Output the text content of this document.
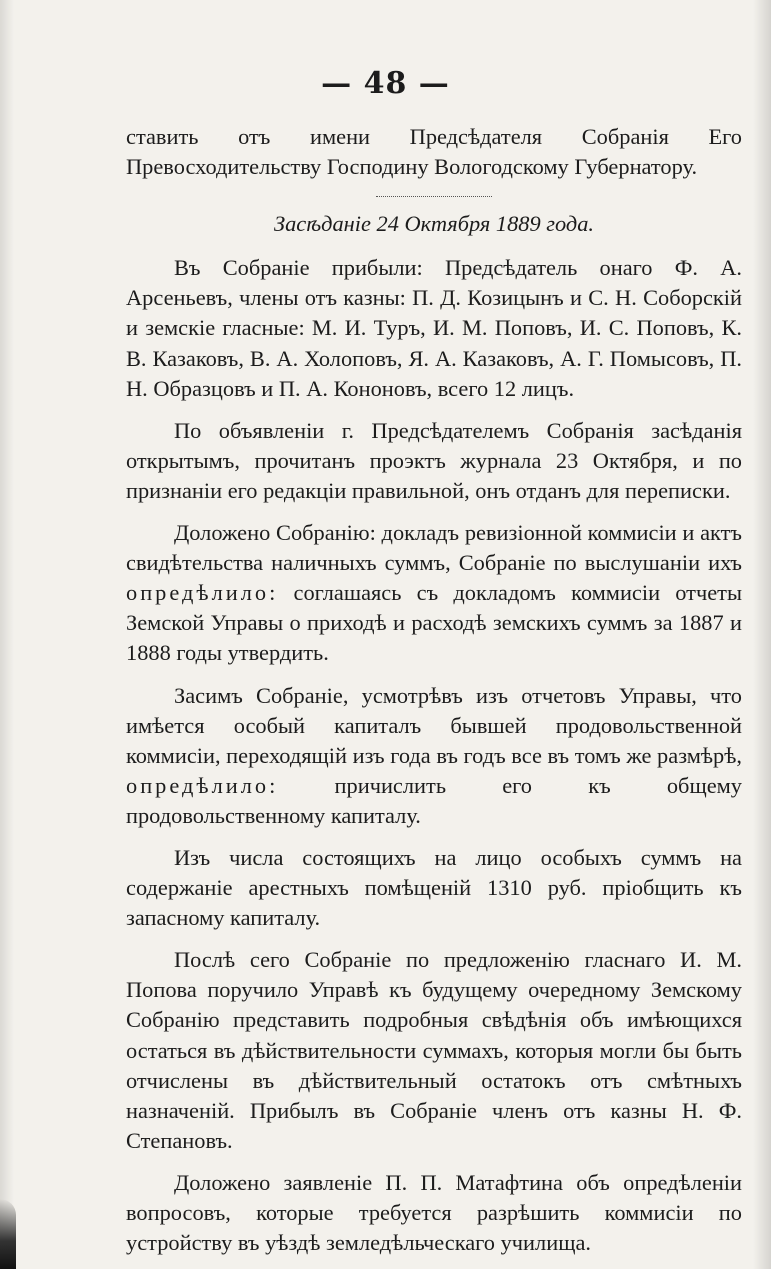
— 48 —

ставить отъ имени Предсѣдателя Собранія Его Превосходительству Господину Вологодскому Губернатору.

Засѣданіе 24 Октября 1889 года.

Въ Собраніе прибыли: Предсѣдатель онаго Ф. А. Арсеньевъ, члены отъ казны: П. Д. Козицынъ и С. Н. Соборскій и земскіе гласные: М. И. Туръ, И. М. Поповъ, И. С. Поповъ, К. В. Казаковъ, В. А. Холоповъ, Я. А. Казаковъ, А. Г. Помысовъ, П. Н. Образцовъ и П. А. Кононовъ, всего 12 лицъ.

По объявленіи г. Предсѣдателемъ Собранія засѣданія открытымъ, прочитанъ проэктъ журнала 23 Октября, и по признаніи его редакціи правильной, онъ отданъ для переписки.

Доложено Собранію: докладъ ревизіонной коммисіи и актъ свидѣтельства наличныхъ суммъ, Собраніе по выслушаніи ихъ опредѣлило: соглашаясь съ докладомъ коммисіи отчеты Земской Управы о приходѣ и расходѣ земскихъ суммъ за 1887 и 1888 годы утвердить.

Засимъ Собраніе, усмотрѣвъ изъ отчетовъ Управы, что имѣется особый капиталъ бывшей продовольственной коммисіи, переходящій изъ года въ годъ все въ томъ же размѣрѣ, опредѣлило:	причислить его къ общему продовольственному капиталу.

Изъ числа состоящихъ на лицо особыхъ суммъ на содержаніе арестныхъ помѣщеній 1310 руб. пріобщить къ запасному капиталу.

Послѣ сего Собраніе по предложенію гласнаго И. М. Попова поручило Управѣ къ будущему очередному Земскому Собранію представить подробныя свѣдѣнія объ имѣющихся остаться въ дѣйствительности суммахъ, которыя могли бы быть отчислены въ дѣйствительный остатокъ отъ смѣтныхъ назначеній. Прибылъ въ Собраніе членъ отъ казны Н. Ф. Степановъ.

Доложено заявленіе П. П. Матафтина объ опредѣленіи вопросовъ, которые требуется разрѣшить коммисіи по устройству въ уѣздѣ земледѣльческаго училища.
